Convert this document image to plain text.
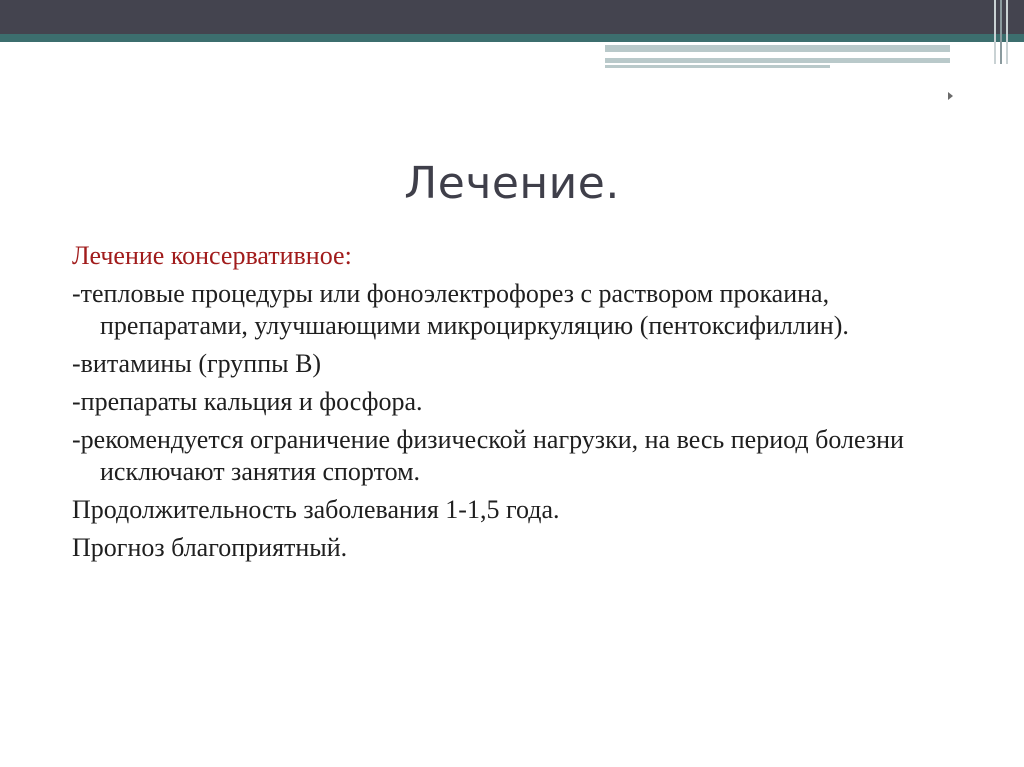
Лечение.

Лечение консервативное:

-тепловые процедуры или фоноэлектрофорез с раствором прокаина, препаратами, улучшающими микроциркуляцию (пентоксифиллин).

-витамины (группы В)

-препараты кальция и фосфора.

-рекомендуется ограничение физической нагрузки, на весь период болезни исключают занятия спортом.

Продолжительность заболевания 1-1,5 года.

Прогноз благоприятный.
